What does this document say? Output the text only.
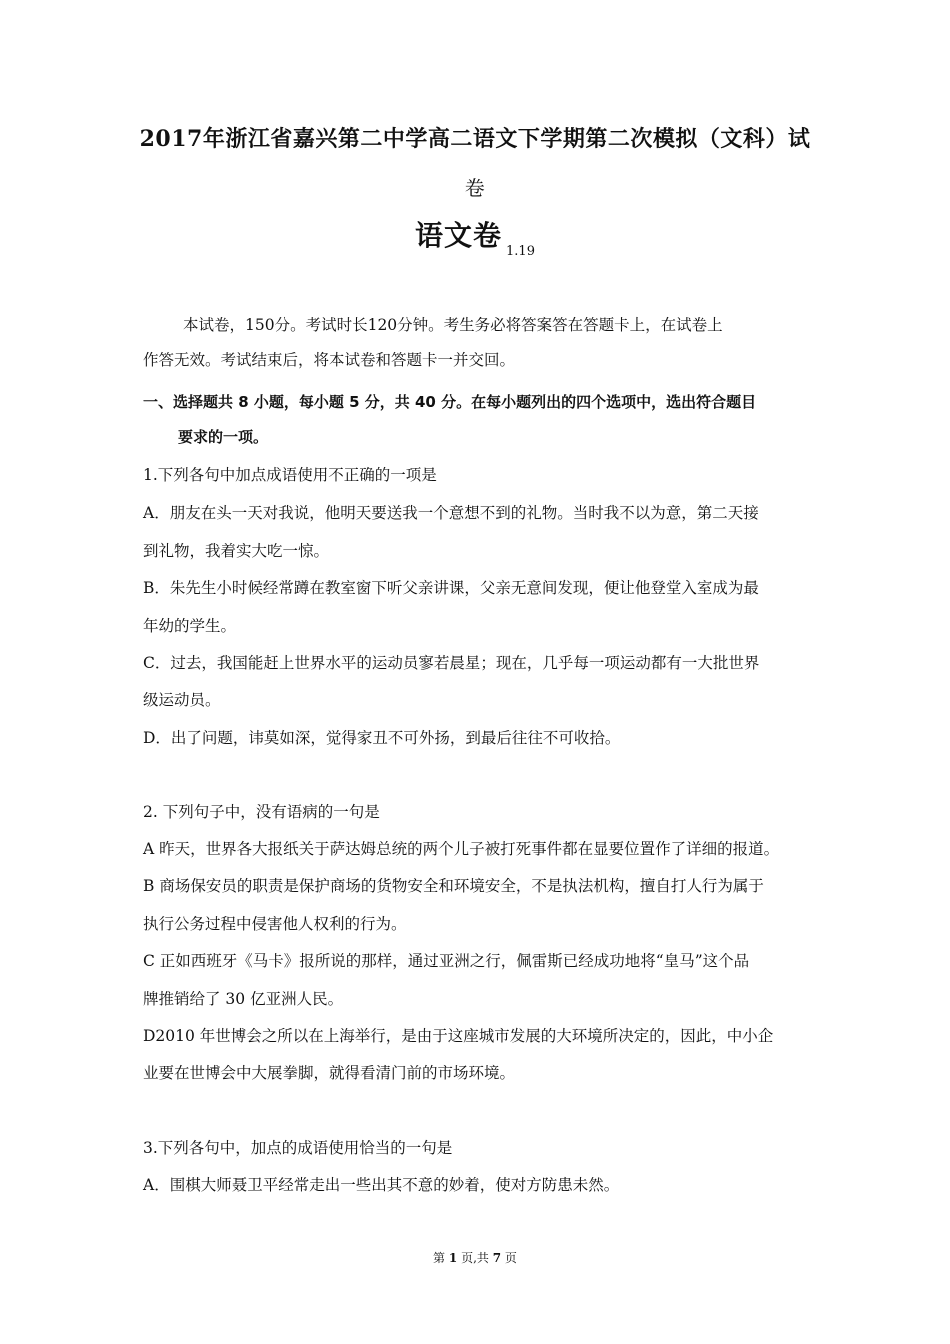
2017年浙江省嘉兴第二中学高二语文下学期第二次模拟（文科）试
卷
语文卷 $_{1.19}$
本试卷，150分。考试时长120分钟。考生务必将答案答在答题卡上，在试卷上
作答无效。考试结束后，将本试卷和答题卡一并交回。
一、选择题共 8 小题，每小题 5 分，共 40 分。在每小题列出的四个选项中，选出符合题目
要求的一项。
1.下列各句中加点成语使用不正确的一项是
A．朋友在头一天对我说，他明天要送我一个意想不到的礼物。当时我不以为意，第二天接
到礼物，我着实大吃一惊。
B．朱先生小时候经常蹲在教室窗下听父亲讲课，父亲无意间发现，便让他登堂入室成为最
年幼的学生。
C．过去，我国能赶上世界水平的运动员寥若晨星；现在，几乎每一项运动都有一大批世界
级运动员。
D．出了问题，讳莫如深，觉得家丑不可外扬，到最后往往不可收拾。
2. 下列句子中，没有语病的一句是
A 昨天，世界各大报纸关于萨达姆总统的两个儿子被打死事件都在显要位置作了详细的报道。
B 商场保安员的职责是保护商场的货物安全和环境安全，不是执法机构，擅自打人行为属于
执行公务过程中侵害他人权利的行为。
C 正如西班牙《马卡》报所说的那样，通过亚洲之行，佩雷斯已经成功地将“皇马”这个品
牌推销给了 30 亿亚洲人民。
D2010 年世博会之所以在上海举行，是由于这座城市发展的大环境所决定的，因此，中小企
业要在世博会中大展拳脚，就得看清门前的市场环境。
3.下列各句中，加点的成语使用恰当的一句是
A．围棋大师聂卫平经常走出一些出其不意的妙着，使对方防患未然。
第 1 页,共 7 页
